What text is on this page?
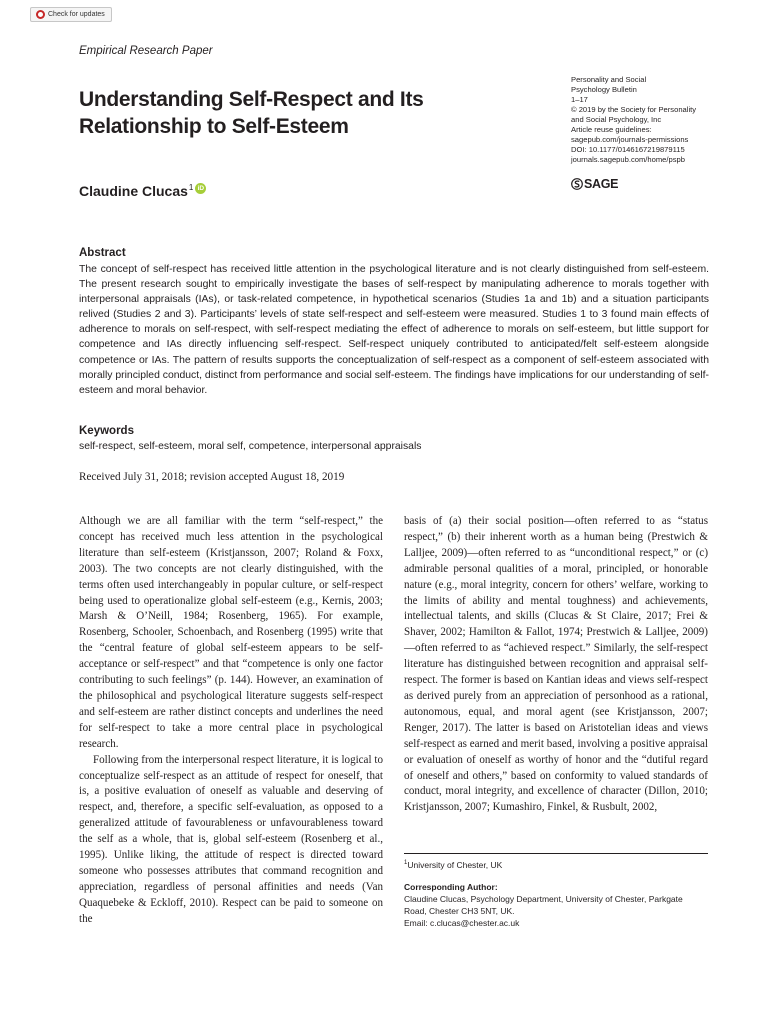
Check for updates
Empirical Research Paper
Understanding Self-Respect and Its Relationship to Self-Esteem
Claudine Clucas$^1$ iD
Personality and Social
Psychology Bulletin
1–17
© 2019 by the Society for Personality
and Social Psychology, Inc
Article reuse guidelines:
sagepub.com/journals-permissions
DOI: 10.1177/0146167219879115
journals.sagepub.com/home/pspb
SAGE
Abstract

The concept of self-respect has received little attention in the psychological literature and is not clearly distinguished from self-esteem. The present research sought to empirically investigate the bases of self-respect by manipulating adherence to morals together with interpersonal appraisals (IAs), or task-related competence, in hypothetical scenarios (Studies 1a and 1b) and a situation participants relived (Studies 2 and 3). Participants’ levels of state self-respect and self-esteem were measured. Studies 1 to 3 found main effects of adherence to morals on self-respect, with self-respect mediating the effect of adherence to morals on self-esteem, but little support for competence and IAs directly influencing self-respect. Self-respect uniquely contributed to anticipated/felt self-esteem alongside competence or IAs. The pattern of results supports the conceptualization of self-respect as a component of self-esteem associated with morally principled conduct, distinct from performance and social self-esteem. The findings have implications for our understanding of self-esteem and moral behavior.

Keywords
self-respect, self-esteem, moral self, competence, interpersonal appraisals
Received July 31, 2018; revision accepted August 18, 2019

Although we are all familiar with the term “self-respect,” the concept has received much less attention in the psychological literature than self-esteem (Kristjansson, 2007; Roland & Foxx, 2003). The two concepts are not clearly distinguished, with the terms often used interchangeably in popular culture, or self-respect being used to operationalize global self-esteem (e.g., Kernis, 2003; Marsh & O’Neill, 1984; Rosenberg, 1965). For example, Rosenberg, Schooler, Schoenbach, and Rosenberg (1995) write that the “central feature of global self-esteem appears to be self-acceptance or self-respect” and that “competence is only one factor contributing to such feelings” (p. 144). However, an examination of the philosophical and psychological literature suggests self-respect and self-esteem are rather distinct concepts and underlines the need for self-respect to take a more central place in psychological research.

Following from the interpersonal respect literature, it is logical to conceptualize self-respect as an attitude of respect for oneself, that is, a positive evaluation of oneself as valuable and deserving of respect, and, therefore, a specific self-evaluation, as opposed to a generalized attitude of favourableness or unfavourableness toward the self as a whole, that is, global self-esteem (Rosenberg et al., 1995). Unlike liking, the attitude of respect is directed toward someone who possesses attributes that command recognition and appreciation, regardless of personal affinities and needs (Van Quaquebeke & Eckloff, 2010). Respect can be paid to someone on the

basis of (a) their social position—often referred to as “status respect,” (b) their inherent worth as a human being (Prestwich & Lalljee, 2009)—often referred to as “unconditional respect,” or (c) admirable personal qualities of a moral, principled, or honorable nature (e.g., moral integrity, concern for others’ welfare, working to the limits of ability and mental toughness) and achievements, intellectual talents, and skills (Clucas & St Claire, 2017; Frei & Shaver, 2002; Hamilton & Fallot, 1974; Prestwich & Lalljee, 2009)—often referred to as “achieved respect.” Similarly, the self-respect literature has distinguished between recognition and appraisal self-respect. The former is based on Kantian ideas and views self-respect as derived purely from an appreciation of personhood as a rational, autonomous, equal, and moral agent (see Kristjansson, 2007; Renger, 2017). The latter is based on Aristotelian ideas and views self-respect as earned and merit based, involving a positive appraisal or evaluation of oneself as worthy of honor and the “dutiful regard of oneself and others,” based on conformity to valued standards of conduct, moral integrity, and excellence of character (Dillon, 2010; Kristjansson, 2007; Kumashiro, Finkel, & Rusbult, 2002,

$^1$University of Chester, UK
Corresponding Author:
Claudine Clucas, Psychology Department, University of Chester, Parkgate
Road, Chester CH3 5NT, UK.
Email: c.clucas@chester.ac.uk
